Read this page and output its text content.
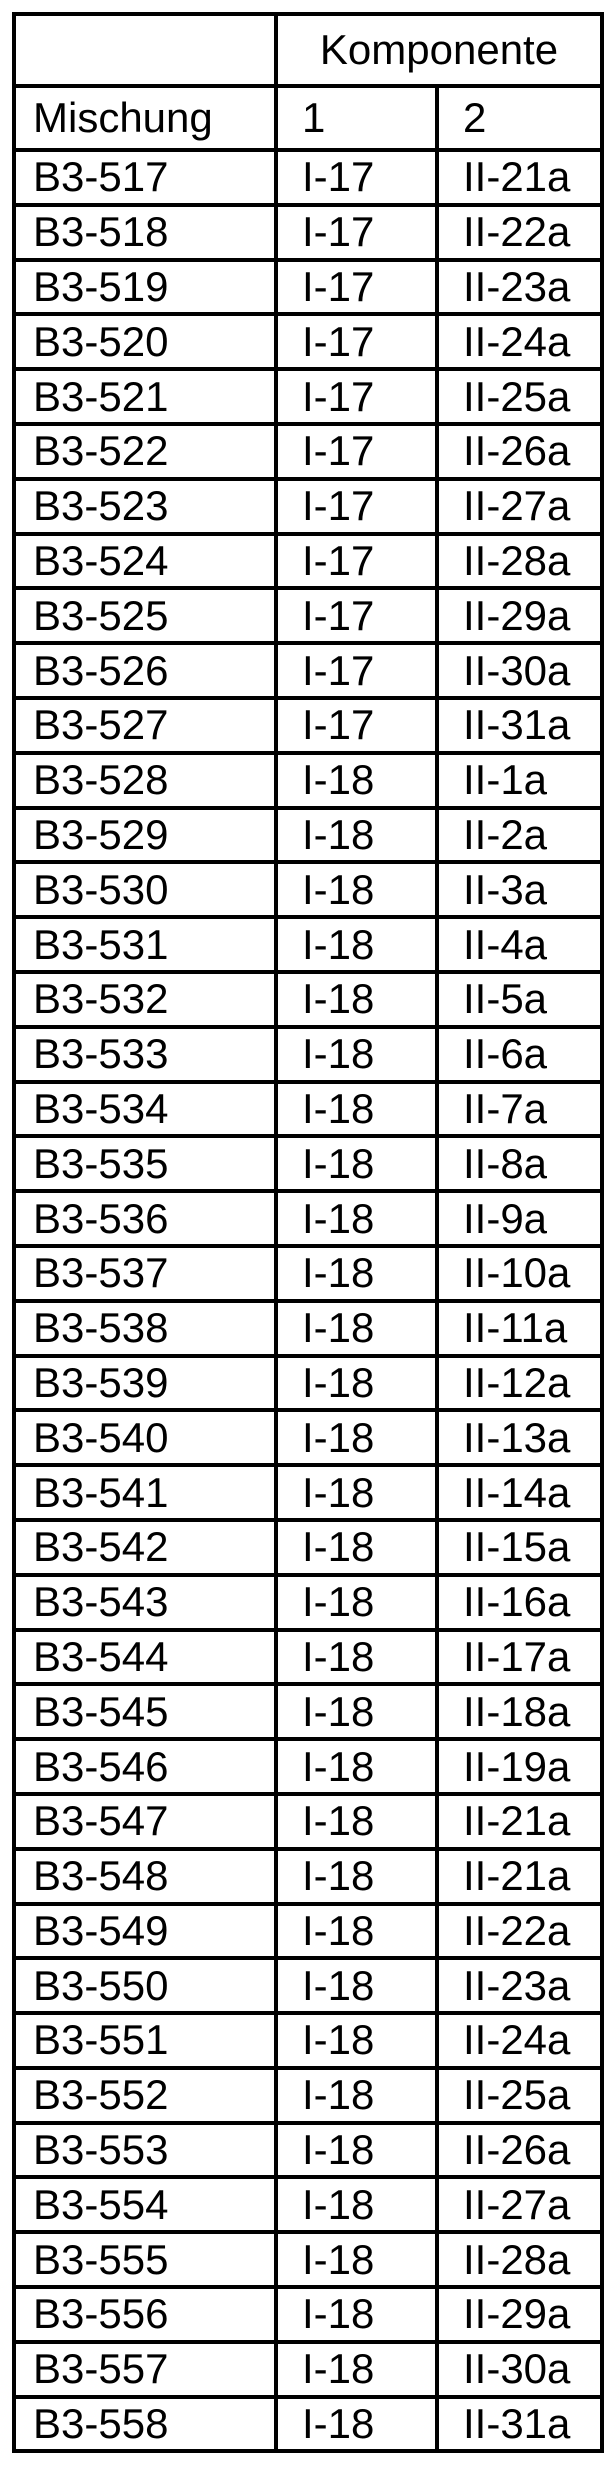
	Komponente	
Mischung	1	2
B3-517	I-17	II-21a
B3-518	I-17	II-22a
B3-519	I-17	II-23a
B3-520	I-17	II-24a
B3-521	I-17	II-25a
B3-522	I-17	II-26a
B3-523	I-17	II-27a
B3-524	I-17	II-28a
B3-525	I-17	II-29a
B3-526	I-17	II-30a
B3-527	I-17	II-31a
B3-528	I-18	II-1a
B3-529	I-18	II-2a
B3-530	I-18	II-3a
B3-531	I-18	II-4a
B3-532	I-18	II-5a
B3-533	I-18	II-6a
B3-534	I-18	II-7a
B3-535	I-18	II-8a
B3-536	I-18	II-9a
B3-537	I-18	II-10a
B3-538	I-18	II-11a
B3-539	I-18	II-12a
B3-540	I-18	II-13a
B3-541	I-18	II-14a
B3-542	I-18	II-15a
B3-543	I-18	II-16a
B3-544	I-18	II-17a
B3-545	I-18	II-18a
B3-546	I-18	II-19a
B3-547	I-18	II-21a
B3-548	I-18	II-21a
B3-549	I-18	II-22a
B3-550	I-18	II-23a
B3-551	I-18	II-24a
B3-552	I-18	II-25a
B3-553	I-18	II-26a
B3-554	I-18	II-27a
B3-555	I-18	II-28a
B3-556	I-18	II-29a
B3-557	I-18	II-30a
B3-558	I-18	II-31a
